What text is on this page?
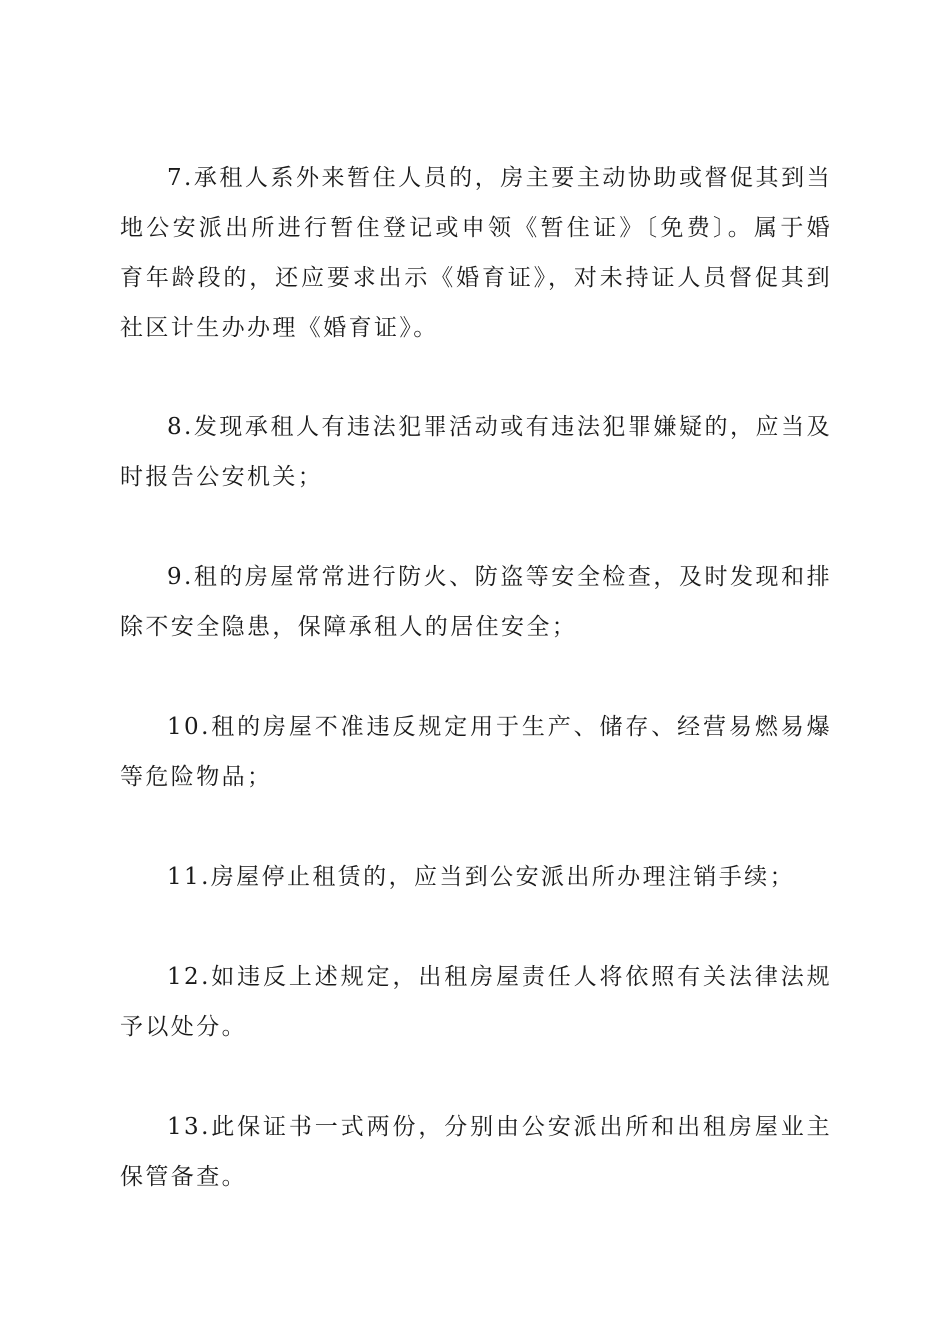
7.承租人系外来暂住人员的，房主要主动协助或督促其到当地公安派出所进行暂住登记或申领《暂住证》〔免费〕。属于婚育年龄段的，还应要求出示《婚育证》，对未持证人员督促其到社区计生办办理《婚育证》。

8.发现承租人有违法犯罪活动或有违法犯罪嫌疑的，应当及时报告公安机关；

9.租的房屋常常进行防火、防盗等安全检查，及时发现和排除不安全隐患，保障承租人的居住安全；

10.租的房屋不准违反规定用于生产、储存、经营易燃易爆等危险物品；

11.房屋停止租赁的，应当到公安派出所办理注销手续；

12.如违反上述规定，出租房屋责任人将依照有关法律法规予以处分。

13.此保证书一式两份，分别由公安派出所和出租房屋业主保管备查。
